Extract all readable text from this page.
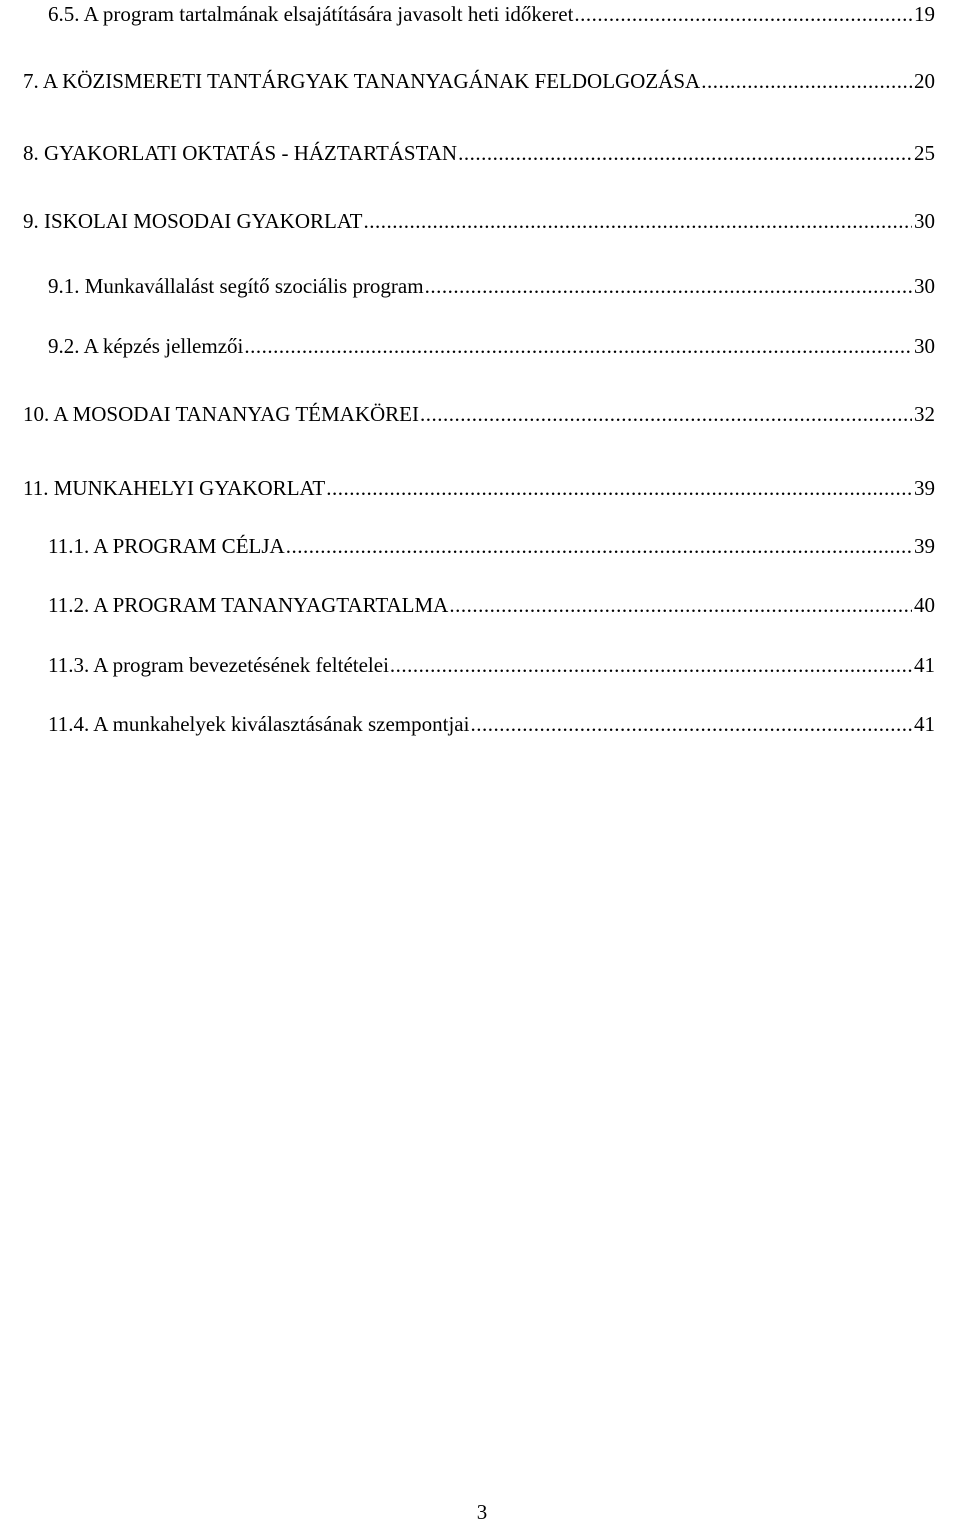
6.5. A program tartalmának elsajátítására javasolt heti időkeret .....	19
7. A KÖZISMERETI TANTÁRGYAK TANANYAGÁNAK FELDOLGOZÁSA .....	20
8. GYAKORLATI OKTATÁS - HÁZTARTÁSTAN .....	25
9. ISKOLAI MOSODAI GYAKORLAT .....	30
9.1. Munkavállalást segítő szociális program .....	30
9.2. A képzés jellemzői .....	30
10. A MOSODAI TANANYAG TÉMAKÖREI .....	32
11. MUNKAHELYI GYAKORLAT .....	39
11.1. A PROGRAM CÉLJA .....	39
11.2. A PROGRAM TANANYAGTARTALMA .....	40
11.3. A program bevezetésének feltételei .....	41
11.4. A munkahelyek kiválasztásának szempontjai .....	41
3
